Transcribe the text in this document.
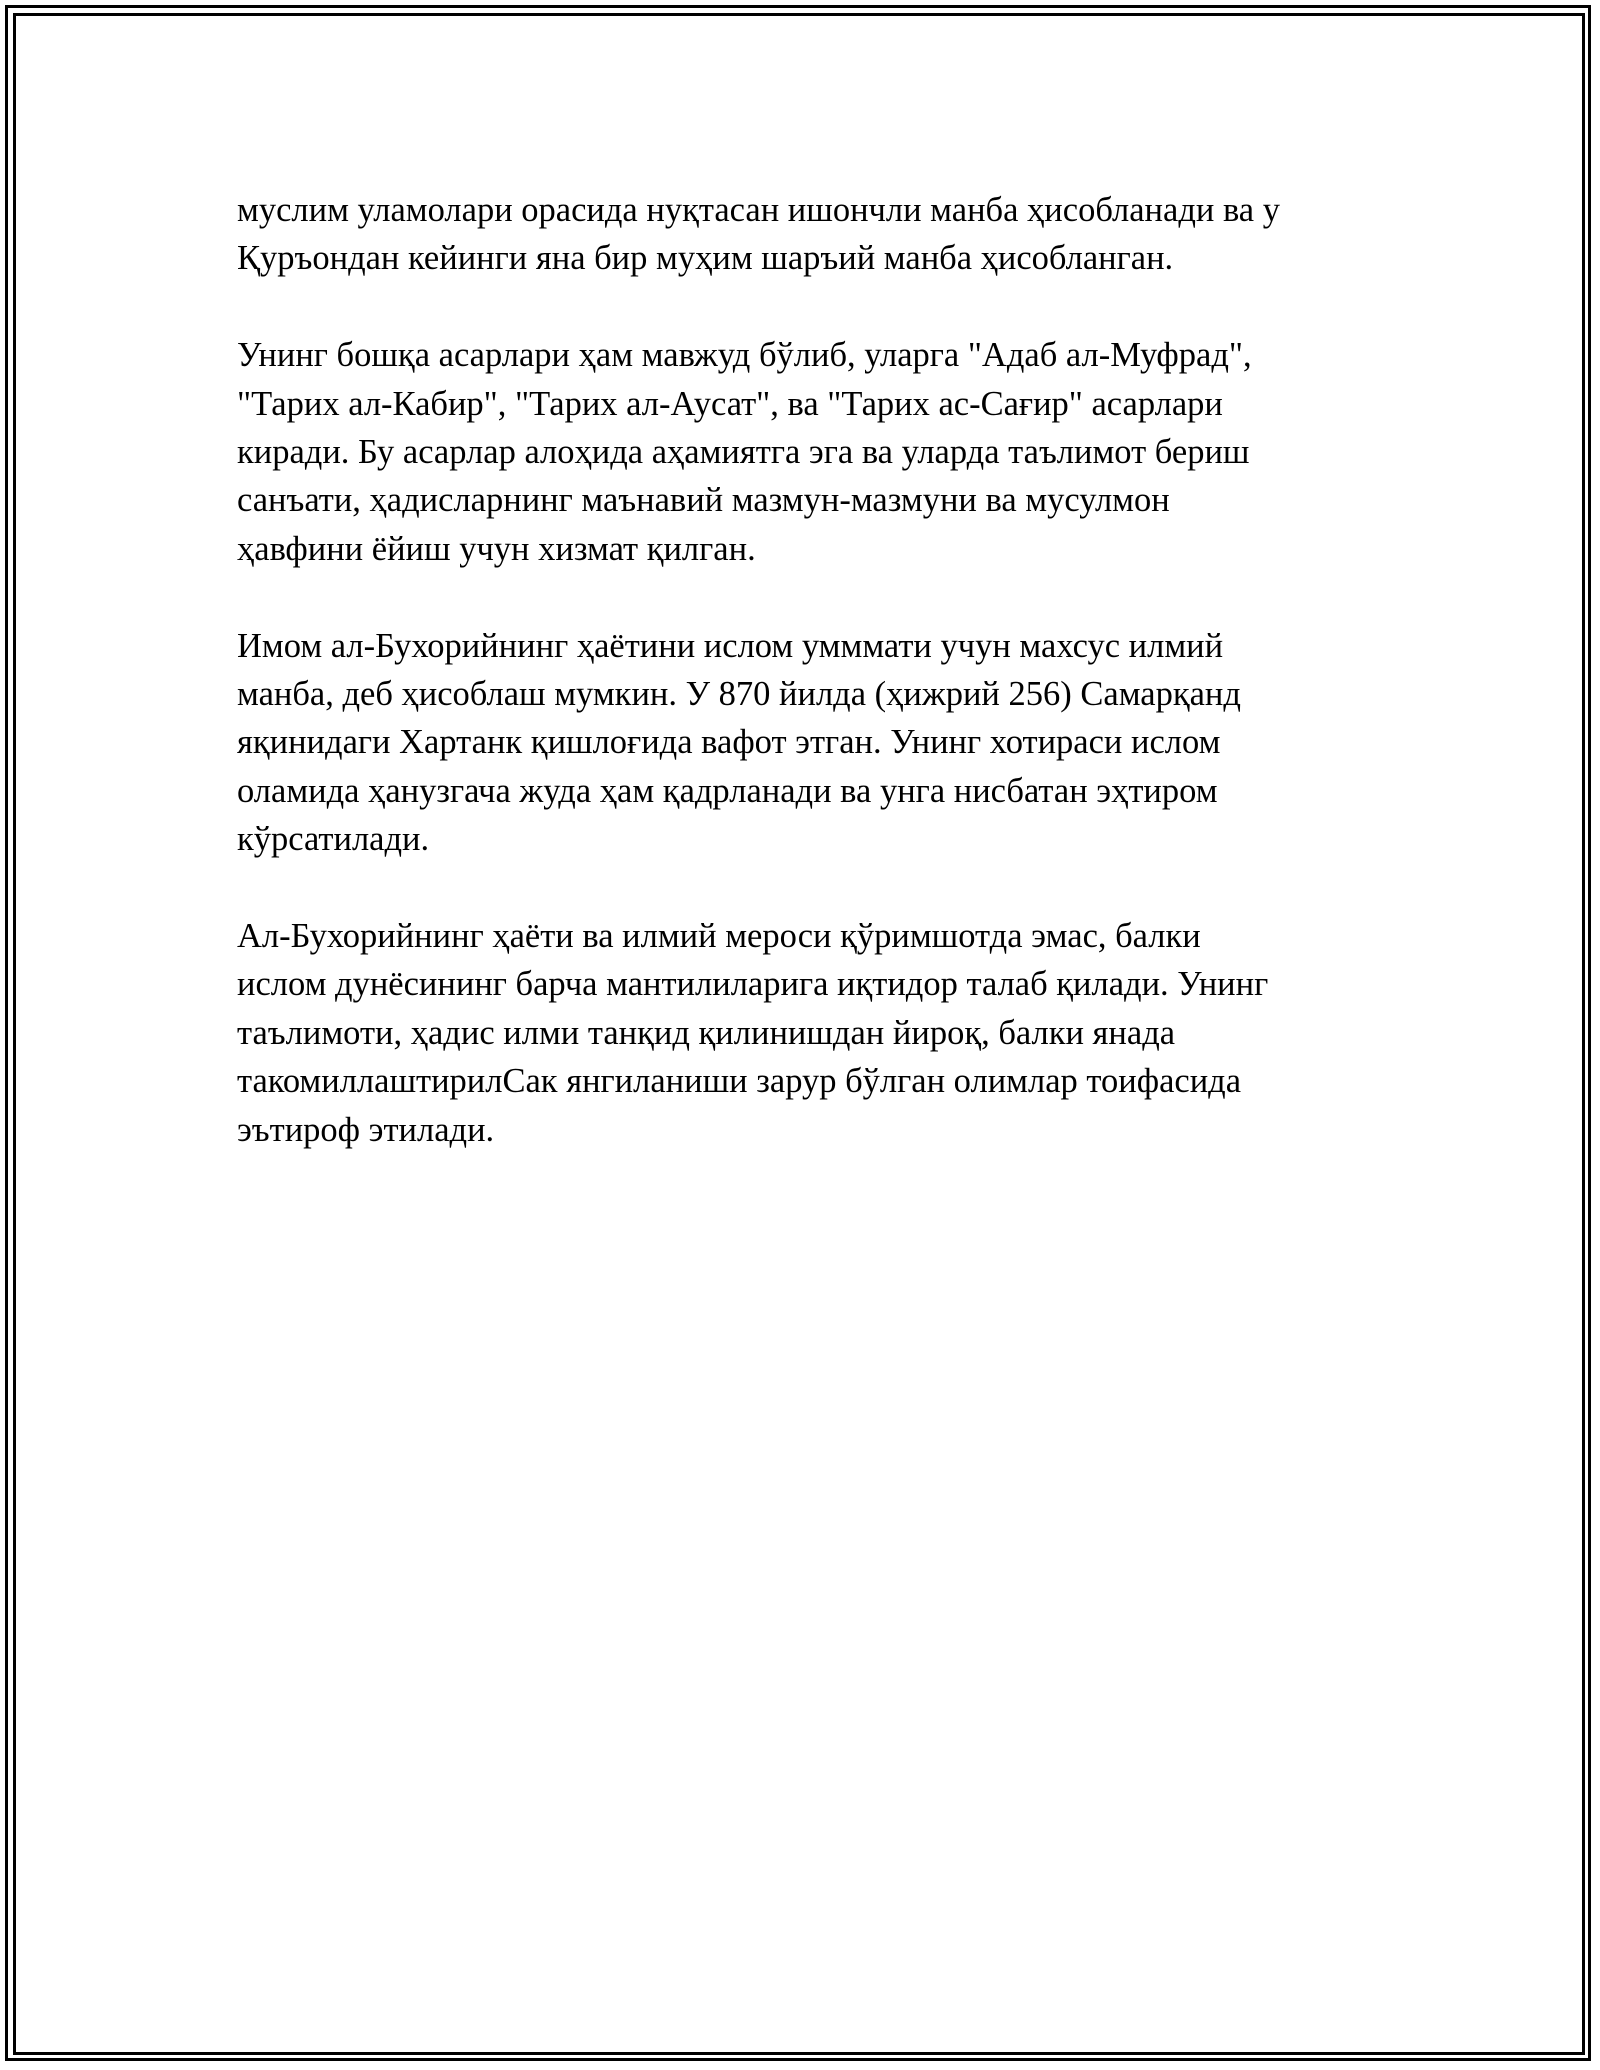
муслим уламолари орасида нуқтасан ишончли манба ҳисобланади ва у
Қуръондан кейинги яна бир муҳим шаръий манба ҳисобланган.

Унинг бошқа асарлари ҳам мавжуд бўлиб, уларга "Адаб ал-Муфрад",
"Тарих ал-Кабир", "Тарих ал-Аусат", ва "Тарих ас-Сағир" асарлари
киради. Бу асарлар алоҳида аҳамиятга эга ва уларда таълимот бериш
санъати, ҳадисларнинг маънавий мазмун-мазмуни ва мусулмон
ҳавфини ёйиш учун хизмат қилган.

Имом ал-Бухорийнинг ҳаётини ислом умммати учун махсус илмий
манба, деб ҳисоблаш мумкин. У 870 йилда (ҳижрий 256) Самарқанд
яқинидаги Хартанк қишлоғида вафот этган. Унинг хотираси ислом
оламида ҳанузгача жуда ҳам қадрланади ва унга нисбатан эҳтиром
кўрсатилади.

Ал-Бухорийнинг ҳаёти ва илмий мероси қўримшотда эмас, балки
ислом дунёсининг барча мантилиларига иқтидор талаб қилади. Унинг
таълимоти, ҳадис илми танқид қилинишдан йироқ, балки янада
такомиллаштирилСак янгиланиши зарур бўлган олимлар тоифасида
эътироф этилади.
